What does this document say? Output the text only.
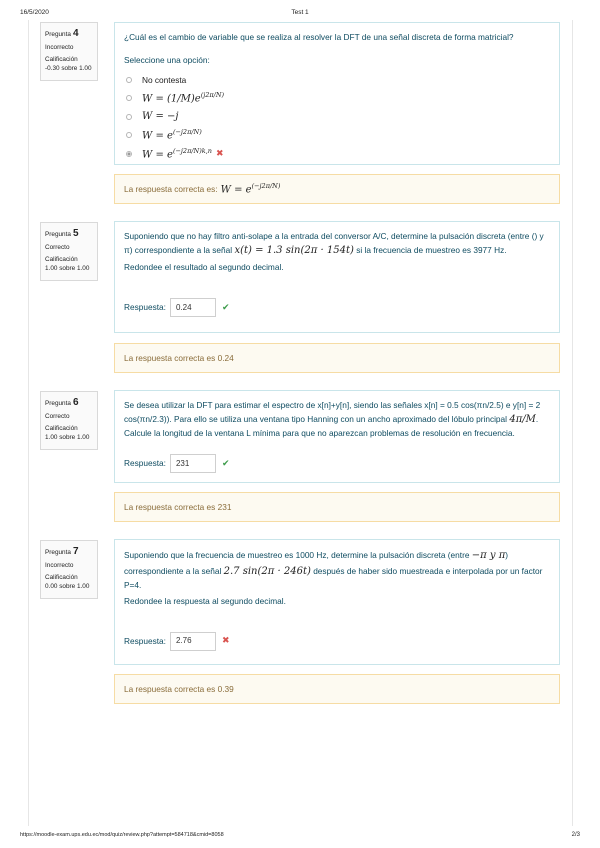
16/5/2020	Test 1
Pregunta 4
Incorrecto
Calificación
-0.30 sobre 1.00
¿Cuál es el cambio de variable que se realiza al resolver la DFT de una señal discreta de forma matricial?
Seleccione una opción:
No contesta
$W = (1/M)e^{(j2\pi/N)}$
W = −j
$W = e^{(-j2\pi/N)}$
$W = e^{(-j2\pi/N)k,n}$ ✖
La respuesta correcta es: $W = e^{(-j2\pi/N)}$
Pregunta 5
Correcto
Calificación
1.00 sobre 1.00
Suponiendo que no hay filtro anti-solape a la entrada del conversor A/C, determine la pulsación discreta (entre () y π) correspondiente a la señal x(t) = 1.3 sin(2π · 154t) si la frecuencia de muestreo es 3977 Hz.
Redondee el resultado al segundo decimal.
Respuesta:	0.24	✔
La respuesta correcta es 0.24
Pregunta 6
Correcto
Calificación
1.00 sobre 1.00
Se desea utilizar la DFT para estimar el espectro de x[n]+y[n], siendo las señales x[n] = 0.5 cos(πn/2.5) e y[n] = 2 cos(πn/2.3)). Para ello se utiliza una ventana tipo Hanning con un ancho aproximado del lóbulo principal 4π/M. Calcule la longitud de la ventana L mínima para que no aparezcan problemas de resolución en frecuencia.
Respuesta:	231	✔
La respuesta correcta es 231
Pregunta 7
Incorrecto
Calificación
0.00 sobre 1.00
Suponiendo que la frecuencia de muestreo es 1000 Hz, determine la pulsación discreta (entre −π y π) correspondiente a la señal 2.7 sin(2π · 246t) después de haber sido muestreada e interpolada por un factor P=4.
Redondee la respuesta al segundo decimal.
Respuesta:	2.76	✖
La respuesta correcta es 0.39
https://moodle-exam.ups.edu.ec/mod/quiz/review.php?attempt=584718&cmid=8058	2/3
